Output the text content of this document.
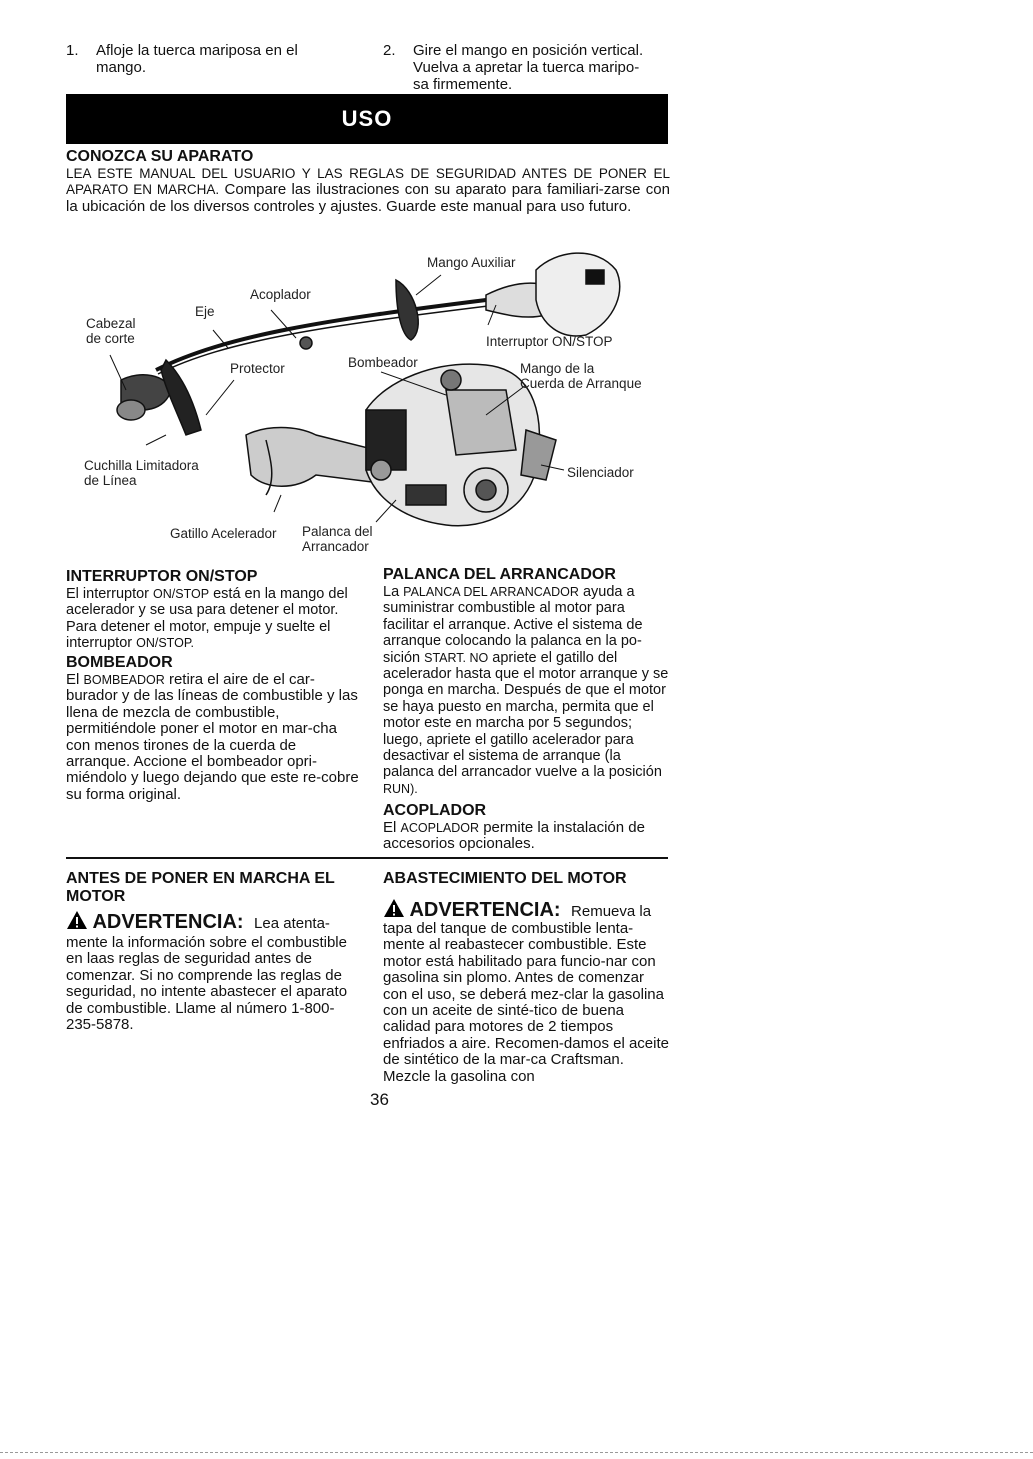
1. Afloje la tuerca mariposa en el
mango.
2. Gire el mango en posición vertical.
Vuelva a apretar la tuerca maripo-
sa firmemente.
USO
CONOZCA SU APARATO
LEA ESTE MANUAL DEL USUARIO Y LAS REGLAS DE SEGURIDAD ANTES DE PONER EL APARATO EN MARCHA. Compare las ilustraciones con su aparato para familiari-zarse con la ubicación de los diversos controles y ajustes. Guarde este manual para uso futuro.
Mango Auxiliar
Acoplador
Eje
Cabezal
de corte	Interruptor ON/STOP
Protector	Bombeador	Mango de la
Cuerda de Arranque
Cuchilla Limitadora
de Línea
Silenciador
Gatillo Acelerador Palanca del
Arrancador
INTERRUPTOR ON/STOP
El interruptor ON/STOP está en la mango del acelerador y se usa para detener el motor. Para detener el motor, empuje y suelte el interruptor ON/STOP.
BOMBEADOR
El BOMBEADOR retira el aire de el car-burador y de las líneas de combustible y las llena de mezcla de combustible, permitiéndole poner el motor en mar-cha con menos tirones de la cuerda de arranque. Accione el bombeador opri-miéndolo y luego dejando que este re-cobre su forma original.
PALANCA DEL ARRANCADOR
La PALANCA DEL ARRANCADOR ayuda a suministrar combustible al motor para facilitar el arranque. Active el sistema de arranque colocando la palanca en la po-sición START. NO apriete el gatillo del acelerador hasta que el motor arranque y se ponga en marcha. Después de que el motor se haya puesto en marcha, permita que el motor este en marcha por 5 segundos; luego, apriete el gatillo acelerador para desactivar el sistema de arranque (la palanca del arrancador vuelve a la posición RUN).
ACOPLADOR
El ACOPLADOR permite la instalación de accesorios opcionales.
ANTES DE PONER EN MARCHA EL MOTOR
ADVERTENCIA: Lea atenta-
mente la información sobre el combustible en laas reglas de seguridad antes de comenzar. Si no comprende las reglas de seguridad, no intente abastecer el aparato de combustible. Llame al número 1-800-235-5878.
ABASTECIMIENTO DEL MOTOR
ADVERTENCIA: Remueva la
tapa del tanque de combustible lenta-mente al reabastecer combustible. Este motor está habilitado para funcio-nar con gasolina sin plomo. Antes de comenzar con el uso, se deberá mez-clar la gasolina con un aceite de sinté-tico de buena calidad para motores de 2 tiempos enfriados a aire. Recomen-damos el aceite de sintético de la mar-ca Craftsman. Mezcle la gasolina con
36
